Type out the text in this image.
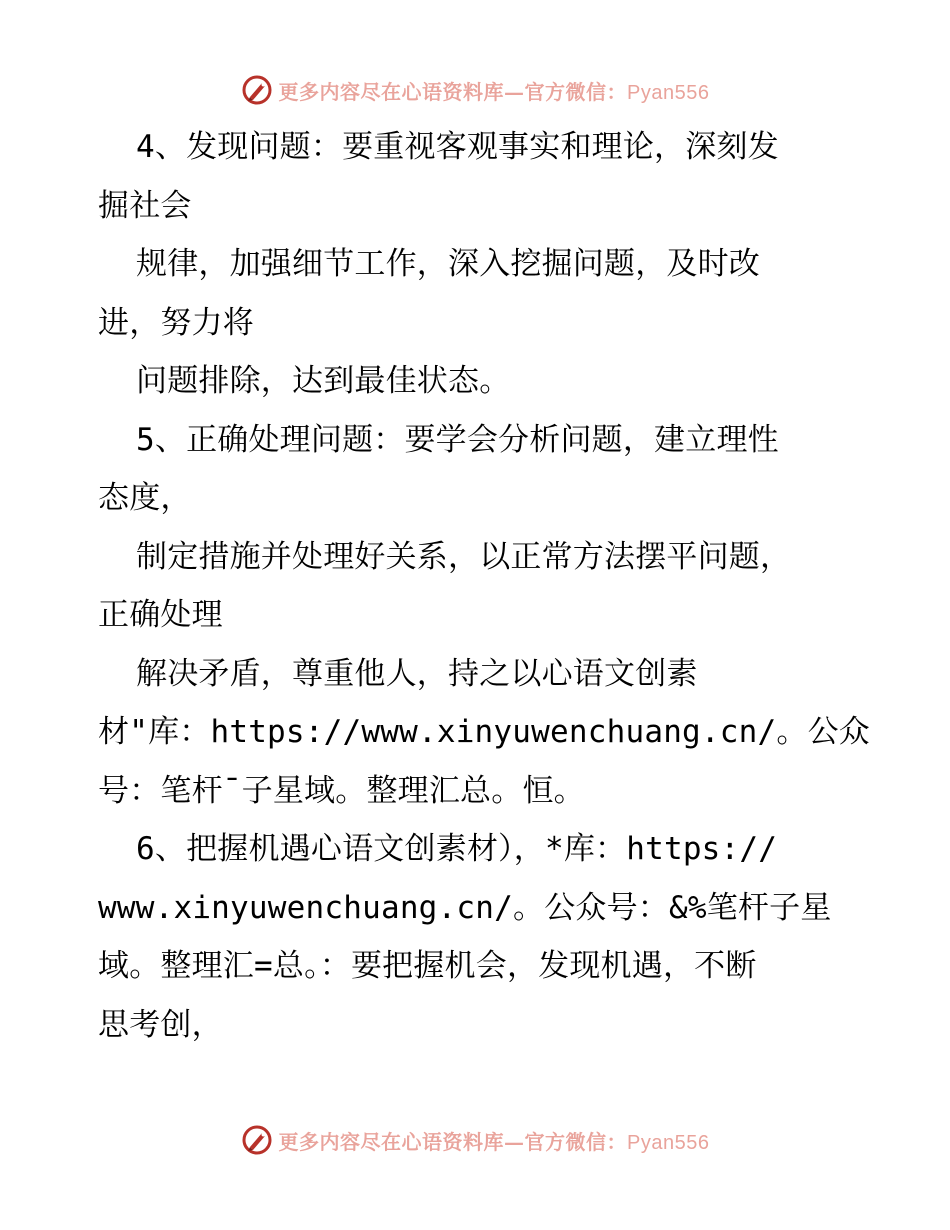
更多内容尽在心语资料库—官方微信：Pyan556
4、发现问题：要重视客观事实和理论，深刻发
掘社会
规律，加强细节工作，深入挖掘问题，及时改
进，努力将
问题排除，达到最佳状态。
5、正确处理问题：要学会分析问题，建立理性
态度，
制定措施并处理好关系，以正常方法摆平问题，
正确处理
解决矛盾，尊重他人，持之以心语文创素
材"库：https://www.xinyuwenchuang.cn/。公众
号：笔杆¯子星域。整理汇总。恒。
6、把握机遇心语文创素材），*库：https://
www.xinyuwenchuang.cn/。公众号：&%笔杆子星
域。整理汇=总。：要把握机会，发现机遇，不断
思考创，
更多内容尽在心语资料库—官方微信：Pyan556
